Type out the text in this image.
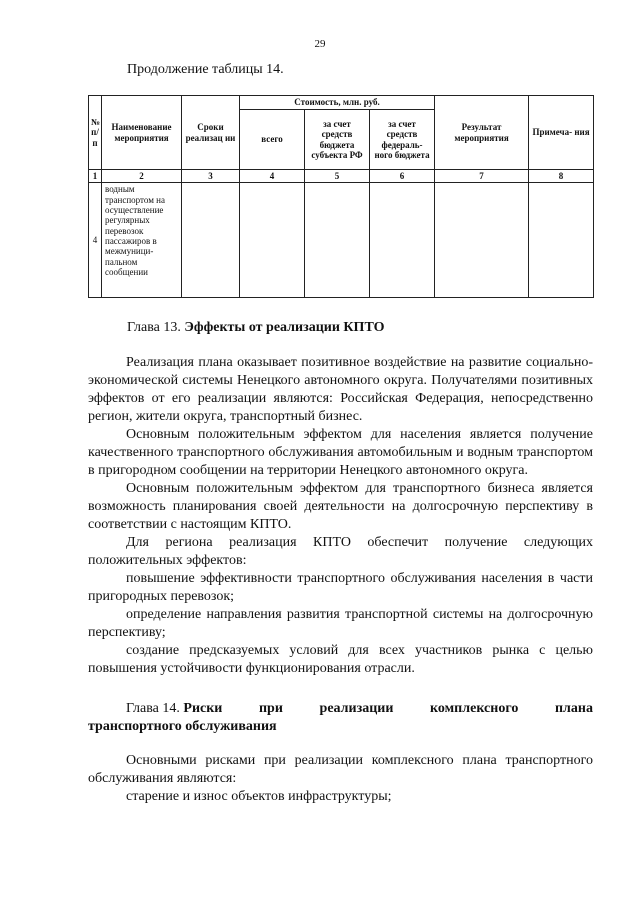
29
Продолжение таблицы 14.
№ п/п	Наименование мероприятия	Сроки реализац ии	Стоимость, млн. руб.			Результат мероприятия	Примеча- ния
			всего	за счет средств бюджета субъекта РФ	за счет средств федераль- ного бюджета		
1	2	3	4	5	6	7	8
4	водным транспортом на осуществление регулярных перевозок пассажиров в межмуници- пальном сообщении						
Глава 13. Эффекты от реализации КПТО

Реализация плана оказывает позитивное воздействие на развитие социально-экономической системы Ненецкого автономного округа. Получателями позитивных эффектов от его реализации являются: Российская Федерация, непосредственно регион, жители округа, транспортный бизнес.

Основным положительным эффектом для населения является получение качественного транспортного обслуживания автомобильным и водным транспортом в пригородном сообщении на территории Ненецкого автономного округа.

Основным положительным эффектом для транспортного бизнеса является возможность планирования своей деятельности на долгосрочную перспективу в соответствии с настоящим КПТО.

Для региона реализация КПТО обеспечит получение следующих положительных эффектов:

повышение эффективности транспортного обслуживания населения в части пригородных перевозок;

определение направления развития транспортной системы на долгосрочную перспективу;

создание предсказуемых условий для всех участников рынка с целью повышения устойчивости функционирования отрасли.

Глава 14. Риски	при	реализации	комплексного	плана
транспортного обслуживания

Основными рисками при реализации комплексного плана транспортного обслуживания являются:

старение и износ объектов инфраструктуры;
